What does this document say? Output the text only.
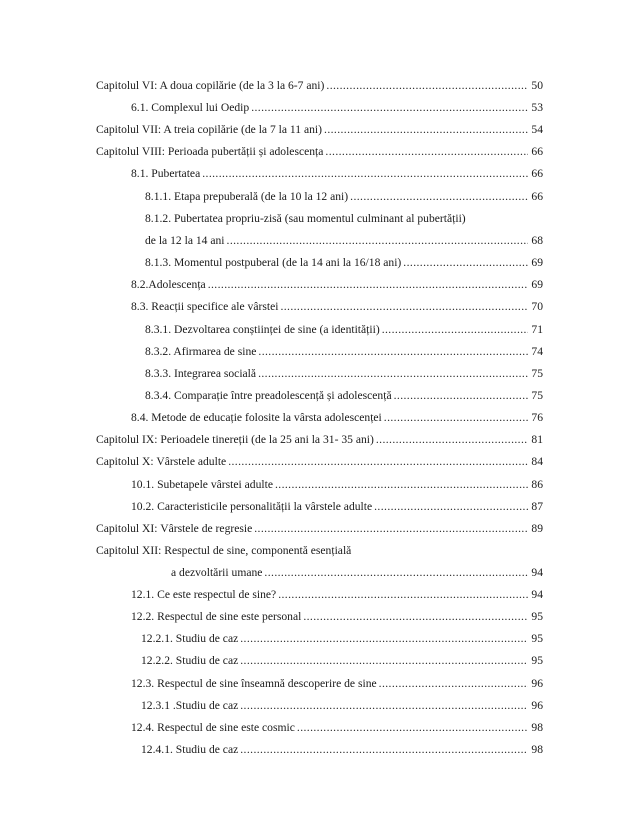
Capitolul VI: A doua copilărie (de la 3 la 6-7 ani) .....	50
6.1. Complexul lui Oedip .....	53
Capitolul VII: A treia copilărie (de la 7 la 11 ani) .....	54
Capitolul VIII: Perioada pubertății și adolescența .....	66
8.1. Pubertatea .....	66
8.1.1. Etapa prepuberală (de la 10 la 12 ani) .....	66
8.1.2. Pubertatea propriu-zisă (sau momentul culminant al pubertății)
de la 12 la 14 ani .....	68
8.1.3. Momentul postpuberal (de la 14 ani la 16/18 ani) .....	69
8.2.Adolescența .....	69
8.3. Reacții specifice ale vârstei .....	70
8.3.1. Dezvoltarea conștiinței de sine (a identității) .....	71
8.3.2. Afirmarea de sine .....	74
8.3.3. Integrarea socială .....	75
8.3.4. Comparație între preadolescență și adolescență .....	75
8.4. Metode de educație folosite la vârsta adolescenței .....	76
Capitolul IX: Perioadele tinereții (de la 25 ani la 31- 35 ani) .....	81
Capitolul X: Vârstele adulte .....	84
10.1. Subetapele vârstei adulte .....	86
10.2. Caracteristicile personalității la vârstele adulte .....	87
Capitolul XI: Vârstele de regresie .....	89
Capitolul XII: Respectul de sine, componentă esențială
a dezvoltării umane .....	94
12.1. Ce este respectul de sine? .....	94
12.2. Respectul de sine este personal .....	95
12.2.1. Studiu de caz .....	95
12.2.2. Studiu de caz .....	95
12.3. Respectul de sine înseamnă descoperire de sine .....	96
12.3.1 .Studiu de caz .....	96
12.4. Respectul de sine este cosmic .....	98
12.4.1. Studiu de caz .....	98
